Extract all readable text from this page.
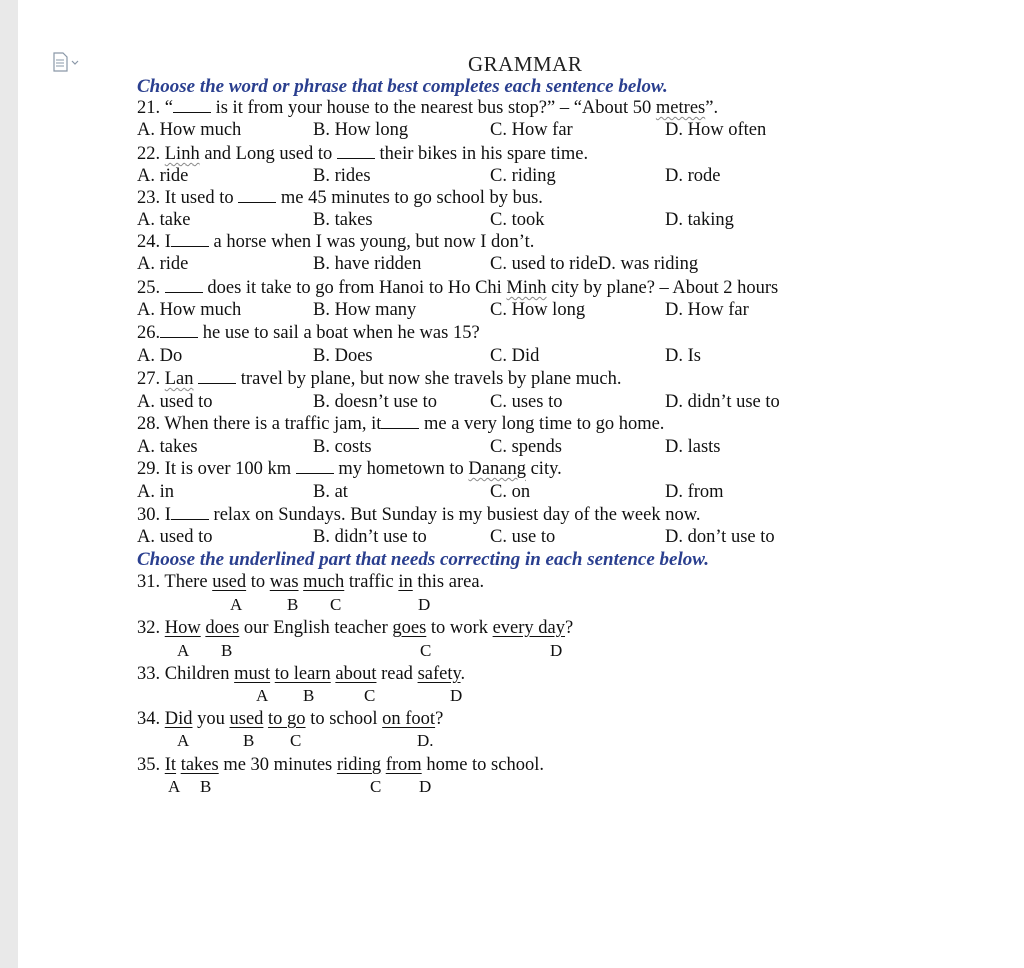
GRAMMAR
Choose the word or phrase that best completes each sentence below.
21. “ is it from your house to the nearest bus stop?” – “About 50 metres”.
A. How much	B. How long	C. How far	D. How often
22. Linh and Long used to	their bikes in his spare time.
A. ride	B. rides	C. riding	D. rode
23. It used to	me 45 minutes to go school by bus.
A. take	B. takes	C. took	D. taking
24. I a horse when I was young, but now I don’t.
A. ride	B. have ridden	C. used to rideD. was riding
25.	does it take to go from Hanoi to Ho Chi Minh city by plane? – About 2 hours
A. How much	B. How many	C. How long	D. How far
26. he use to sail a boat when he was 15?
A. Do	B. Does	C. Did	D. Is
27. Lan	travel by plane, but now she travels by plane much.
A. used to	B. doesn’t use to	C. uses to	D. didn’t use to
28. When there is a traffic jam, it me a very long time to go home.
A. takes	B. costs	C. spends	D. lasts
29. It is over 100 km	my hometown to Danang city.
A. in	B. at	C. on	D. from
30. I relax on Sundays. But Sunday is my busiest day of the week now.
A. used to	B. didn’t use to	C. use to	D. don’t use to
Choose the underlined part that needs correcting in each sentence below.
31. There used to was much traffic in this area.
A	B C	D
32. How does our English teacher goes to work every day?
A B	C	D
33. Children must to learn about read safety.
A B	C	D
34. Did you used to go to school on foot?
A	B C	D.
35. It takes me 30 minutes riding from home to school.
A B	C D
